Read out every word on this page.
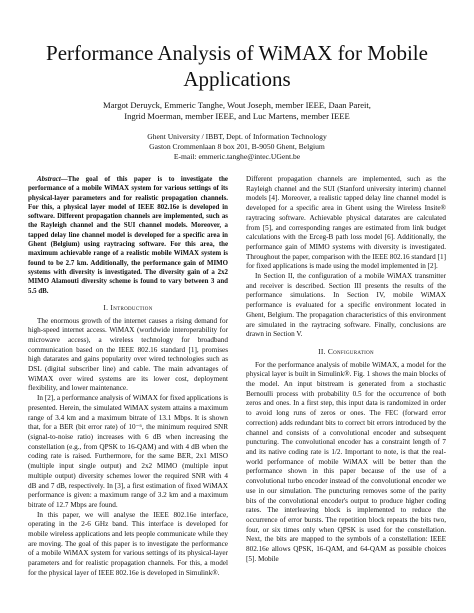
Performance Analysis of WiMAX for Mobile Applications
Margot Deruyck, Emmeric Tanghe, Wout Joseph, member IEEE, Daan Pareit,
Ingrid Moerman, member IEEE, and Luc Martens, member IEEE
Ghent University / IBBT, Dept. of Information Technology
Gaston Crommenlaan 8 box 201, B-9050 Ghent, Belgium
E-mail: emmeric.tanghe@intec.UGent.be

Abstract—The goal of this paper is to investigate the performance of a mobile WiMAX system for various settings of its physical-layer parameters and for realistic propagation channels. For this, a physical layer model of IEEE 802.16e is developed in software. Different propagation channels are implemented, such as the Rayleigh channel and the SUI channel models. Moreover, a tapped delay line channel model is developed for a specific area in Ghent (Belgium) using raytracing software. For this area, the maximum achievable range of a realistic mobile WiMAX system is found to be 2.7 km. Additionally, the performance gain of MIMO systems with diversity is investigated. The diversity gain of a 2x2 MIMO Alamouti diversity scheme is found to vary between 3 and 5.5 dB.

I. Introduction

The enormous growth of the internet causes a rising demand for high-speed internet access. WiMAX (worldwide interoperability for microwave access), a wireless technology for broadband communication based on the IEEE 802.16 standard [1], promises high datarates and gains popularity over wired technologies such as DSL (digital subscriber line) and cable. The main advantages of WiMAX over wired systems are its lower cost, deployment flexibility, and lower maintenance.

In [2], a performance analysis of WiMAX for fixed applications is presented. Herein, the simulated WiMAX system attains a maximum range of 3.4 km and a maximum bitrate of 13.1 Mbps. It is shown that, for a BER (bit error rate) of 10⁻⁶, the minimum required SNR (signal-to-noise ratio) increases with 6 dB when increasing the constellation (e.g., from QPSK to 16-QAM) and with 4 dB when the coding rate is raised. Furthermore, for the same BER, 2x1 MISO (multiple input single output) and 2x2 MIMO (multiple input multiple output) diversity schemes lower the required SNR with 4 dB and 7 dB, respectively. In [3], a first estimation of fixed WiMAX performance is given: a maximum range of 3.2 km and a maximum bitrate of 12.7 Mbps are found.

In this paper, we will analyse the IEEE 802.16e interface, operating in the 2-6 GHz band. This interface is developed for mobile wireless applications and lets people communicate while they are moving. The goal of this paper is to investigate the performance of a mobile WiMAX system for various settings of its physical-layer parameters and for realistic propagation channels. For this, a model for the physical layer of IEEE 802.16e is developed in Simulink®.

Different propagation channels are implemented, such as the Rayleigh channel and the SUI (Stanford university interim) channel models [4]. Moreover, a realistic tapped delay line channel model is developed for a specific area in Ghent using the Wireless Insite® raytracing software. Achievable physical datarates are calculated from [5], and corresponding ranges are estimated from link budget calculations with the Erceg-B path loss model [6]. Additionally, the performance gain of MIMO systems with diversity is investigated. Throughout the paper, comparison with the IEEE 802.16 standard [1] for fixed applications is made using the model implemented in [2].

In Section II, the configuration of a mobile WiMAX transmitter and receiver is described. Section III presents the results of the performance simulations. In Section IV, mobile WiMAX performance is evaluated for a specific environment located in Ghent, Belgium. The propagation characteristics of this environment are simulated in the raytracing software. Finally, conclusions are drawn in Section V.

II. Configuration

For the performance analysis of mobile WiMAX, a model for the physical layer is built in Simulink®. Fig. 1 shows the main blocks of the model. An input bitstream is generated from a stochastic Bernoulli process with probability 0.5 for the occurrence of both zeros and ones. In a first step, this input data is randomized in order to avoid long runs of zeros or ones. The FEC (forward error correction) adds redundant bits to correct bit errors introduced by the channel and consists of a convolutional encoder and subsequent puncturing. The convolutional encoder has a constraint length of 7 and its native coding rate is 1/2. Important to note, is that the real-world performance of mobile WiMAX will be better than the performance shown in this paper because of the use of a convolutional turbo encoder instead of the convolutional encoder we use in our simulation. The puncturing removes some of the parity bits of the convolutional encoder's output to produce higher coding rates. The interleaving block is implemented to reduce the occurrence of error bursts. The repetition block repeats the bits two, four, or six times only when QPSK is used for the constellation. Next, the bits are mapped to the symbols of a constellation: IEEE 802.16e allows QPSK, 16-QAM, and 64-QAM as possible choices [5]. Mobile
